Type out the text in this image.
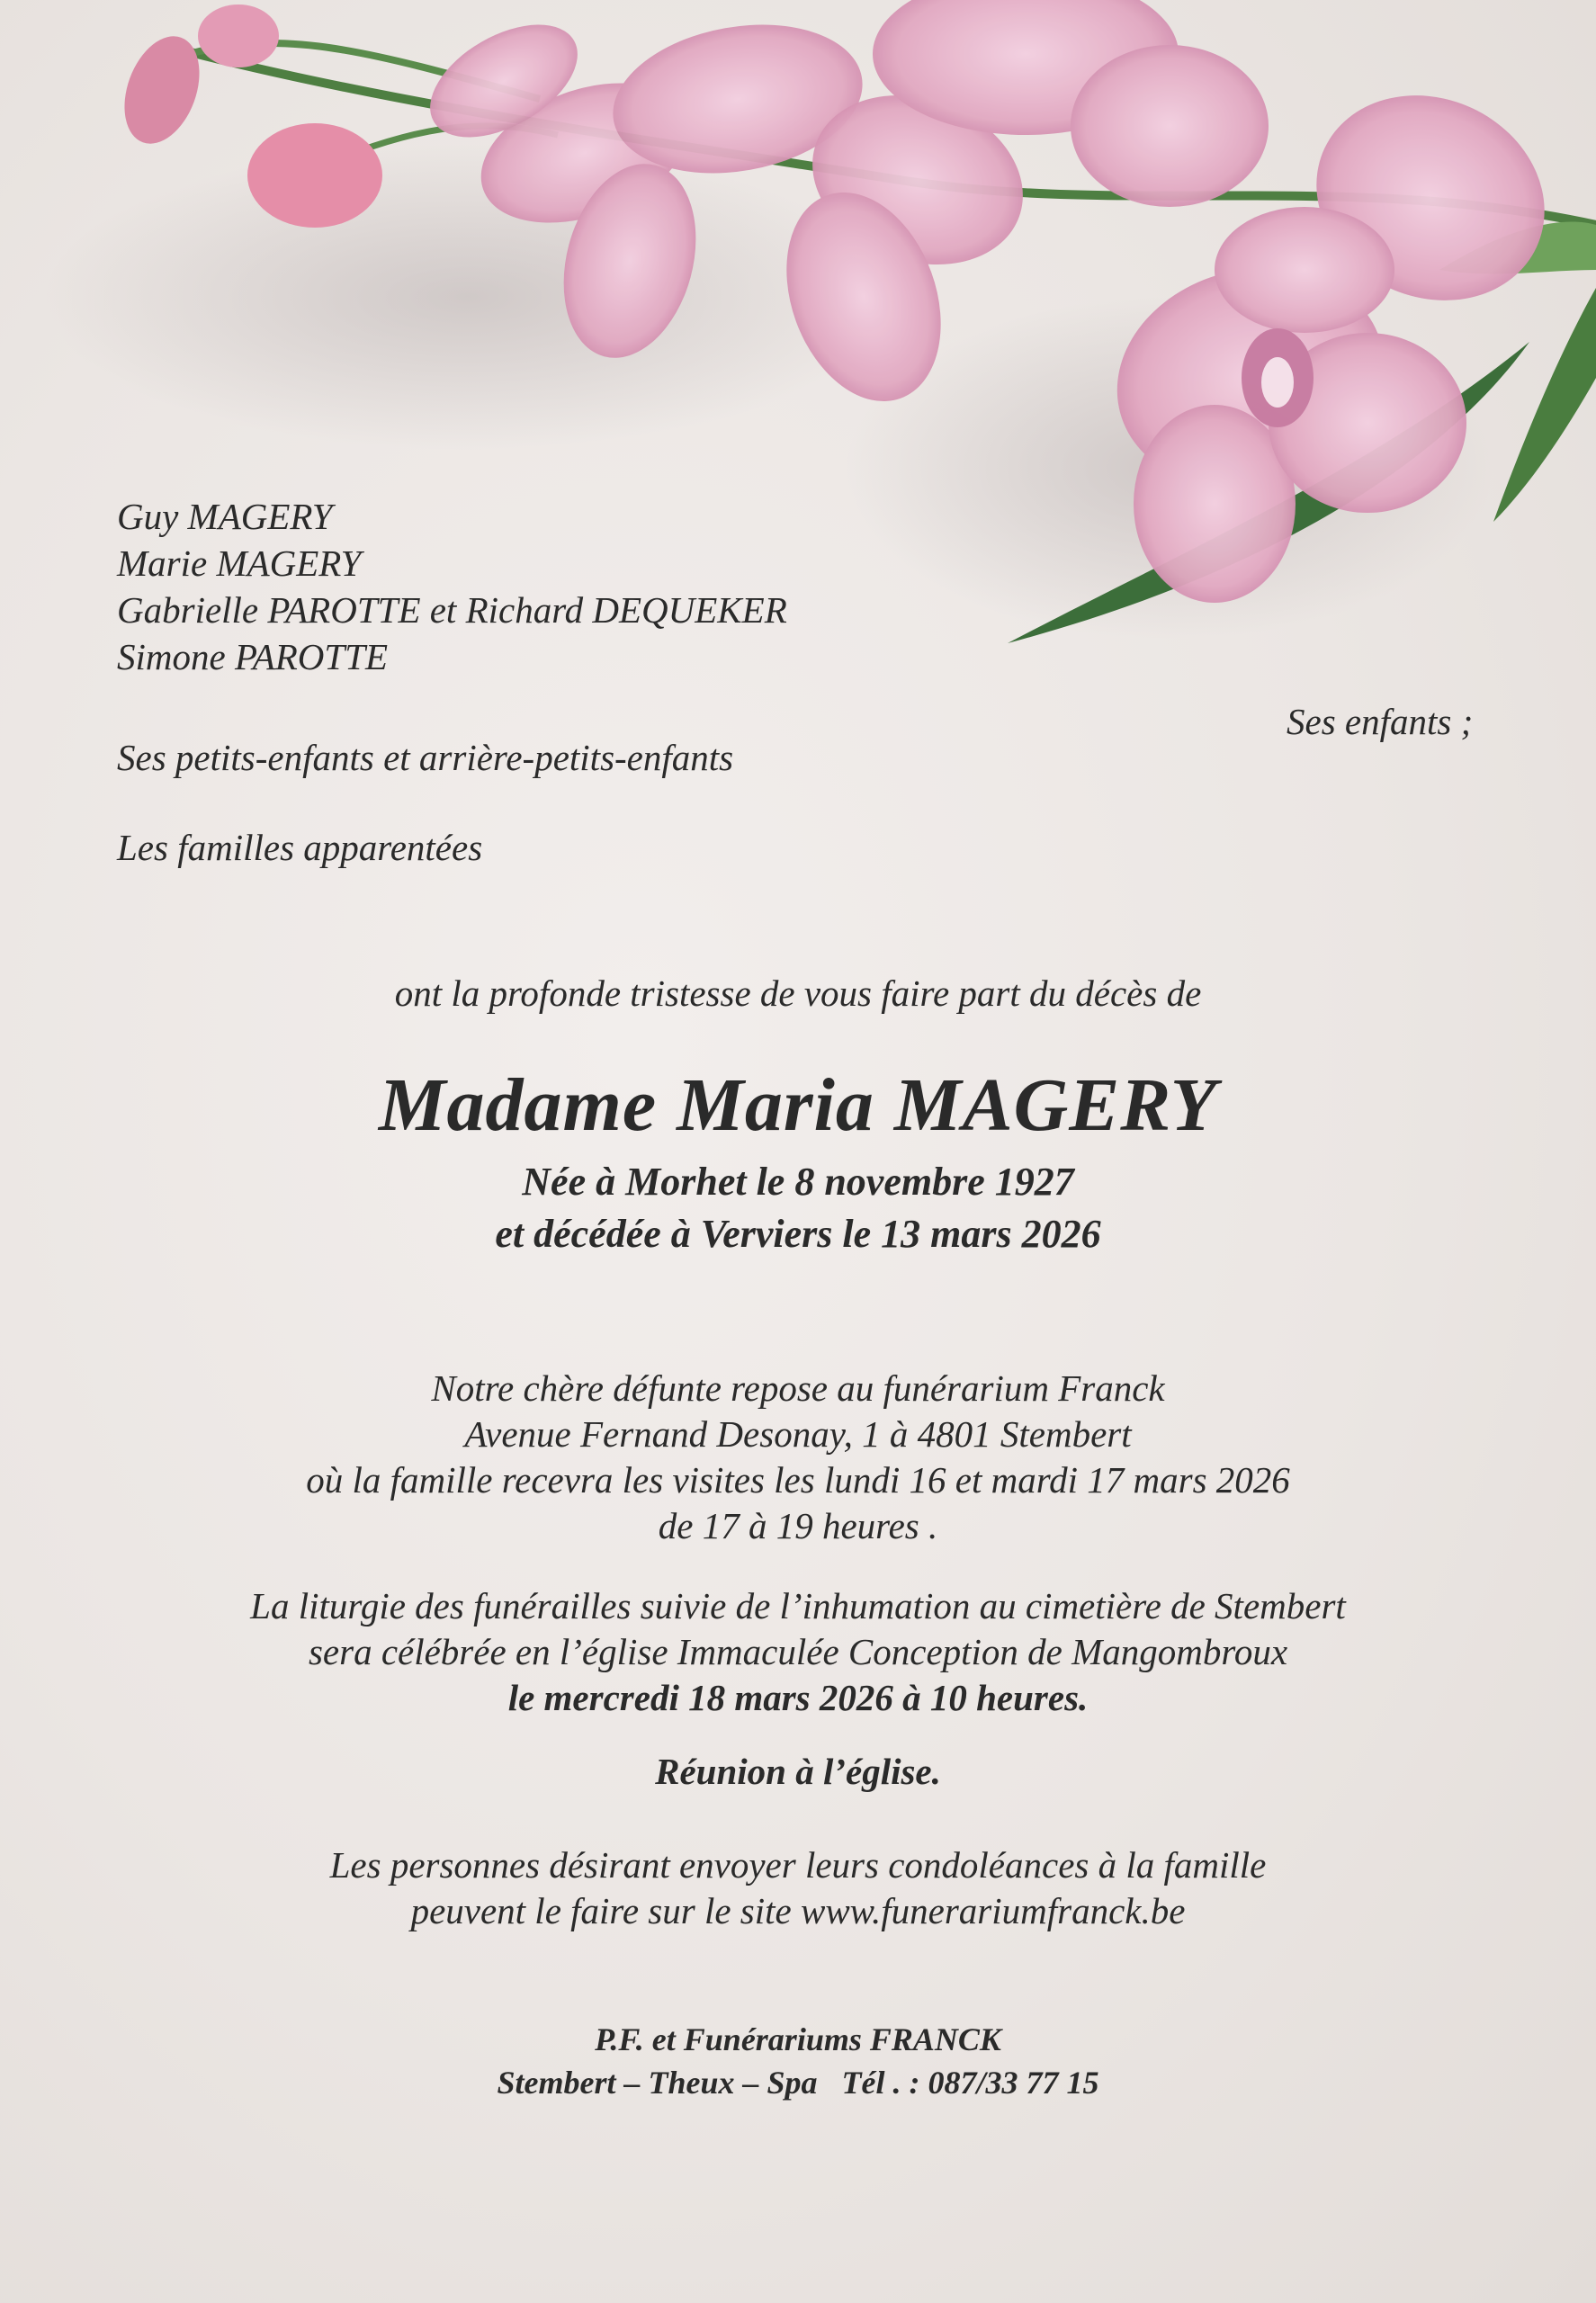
Guy MAGERY
Marie MAGERY
Gabrielle PAROTTE et Richard DEQUEKER
Simone PAROTTE
Ses enfants ;
Ses petits-enfants et arrière-petits-enfants
Les familles apparentées
ont la profonde tristesse de vous faire part du décès de
Madame Maria MAGERY
Née à Morhet le 8 novembre 1927
et décédée à Verviers le 13 mars 2026
Notre chère défunte repose au funérarium Franck
Avenue Fernand Desonay, 1 à 4801 Stembert
où la famille recevra les visites les lundi 16 et mardi 17 mars 2026
de 17 à 19 heures .
La liturgie des funérailles suivie de l’inhumation au cimetière de Stembert
sera célébrée en l’église Immaculée Conception de Mangombroux
le mercredi 18 mars 2026 à 10 heures.
Réunion à l’église.
Les personnes désirant envoyer leurs condoléances à la famille
peuvent le faire sur le site www.funerariumfranck.be
P.F. et Funérariums FRANCK
Stembert – Theux – Spa   Tél . : 087/33 77 15
